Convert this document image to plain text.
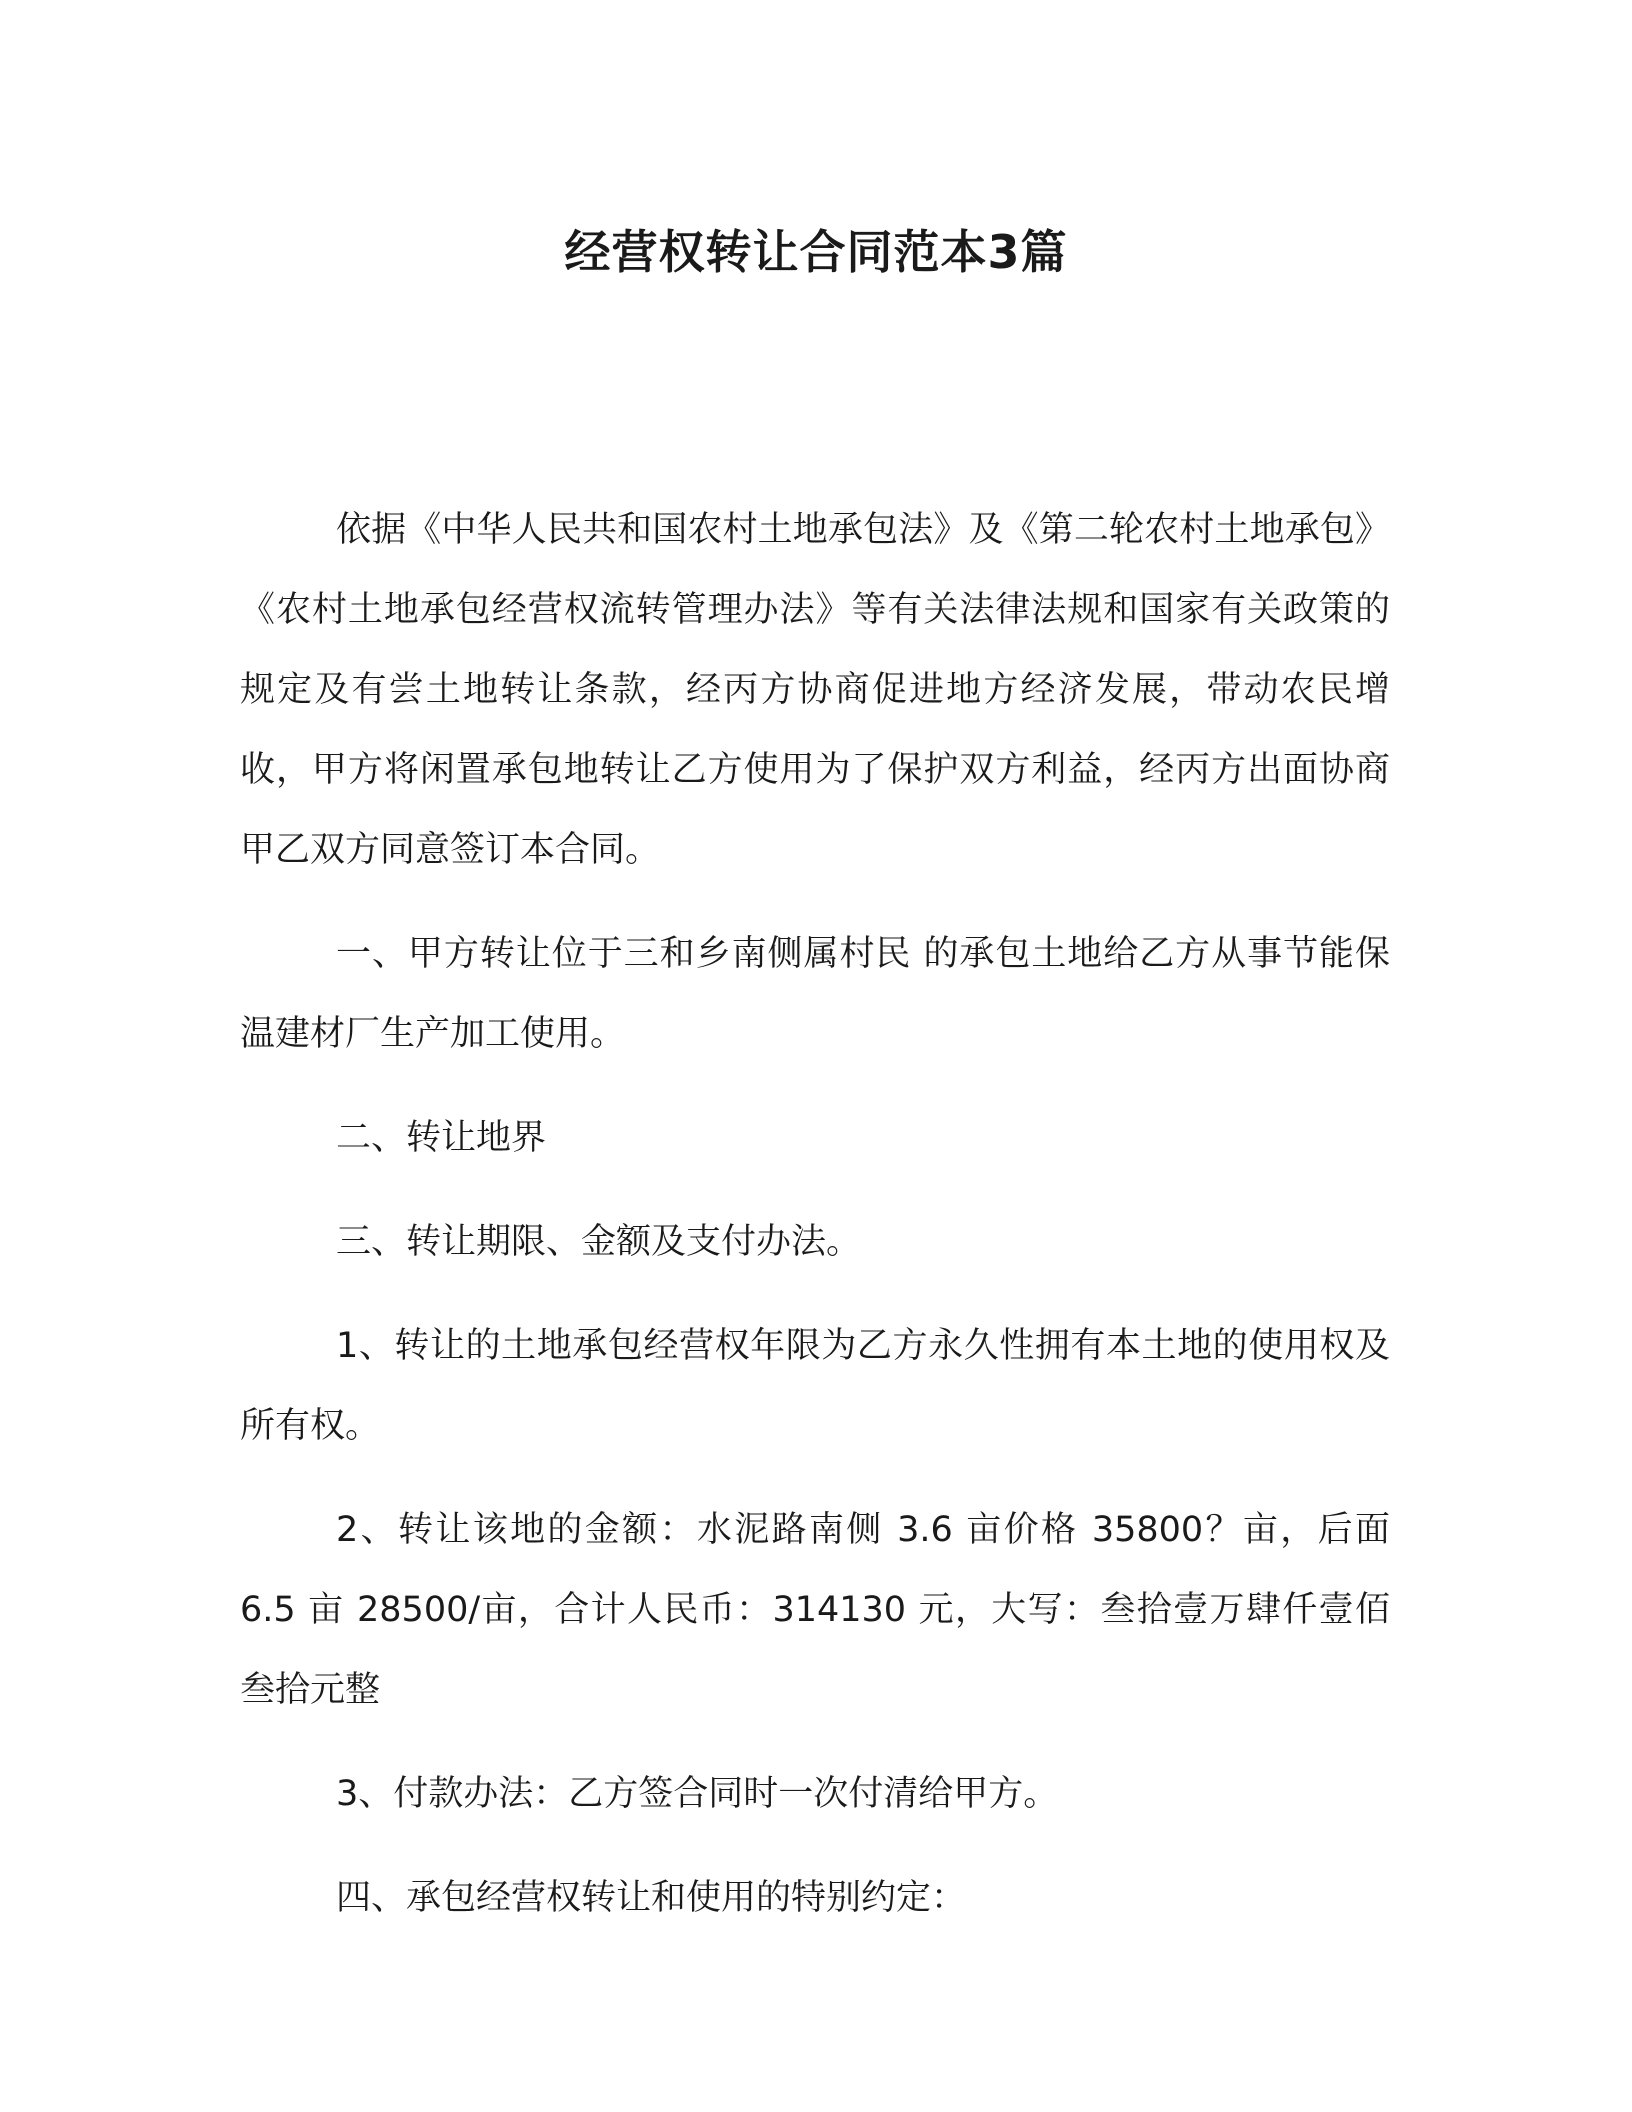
经营权转让合同范本3篇

依据《中华人民共和国农村土地承包法》及《第二轮农村土地承包》《农村土地承包经营权流转管理办法》等有关法律法规和国家有关政策的规定及有尝土地转让条款，经丙方协商促进地方经济发展，带动农民增收，甲方将闲置承包地转让乙方使用为了保护双方利益，经丙方出面协商甲乙双方同意签订本合同。

一、甲方转让位于三和乡南侧属村民 的承包土地给乙方从事节能保温建材厂生产加工使用。

二、转让地界

三、转让期限、金额及支付办法。

1、转让的土地承包经营权年限为乙方永久性拥有本土地的使用权及所有权。

2、转让该地的金额：水泥路南侧 3.6 亩价格 35800？亩，后面 6.5 亩 28500/亩，合计人民币：314130 元，大写：叁拾壹万肆仟壹佰叁拾元整

3、付款办法：乙方签合同时一次付清给甲方。

四、承包经营权转让和使用的特别约定：
